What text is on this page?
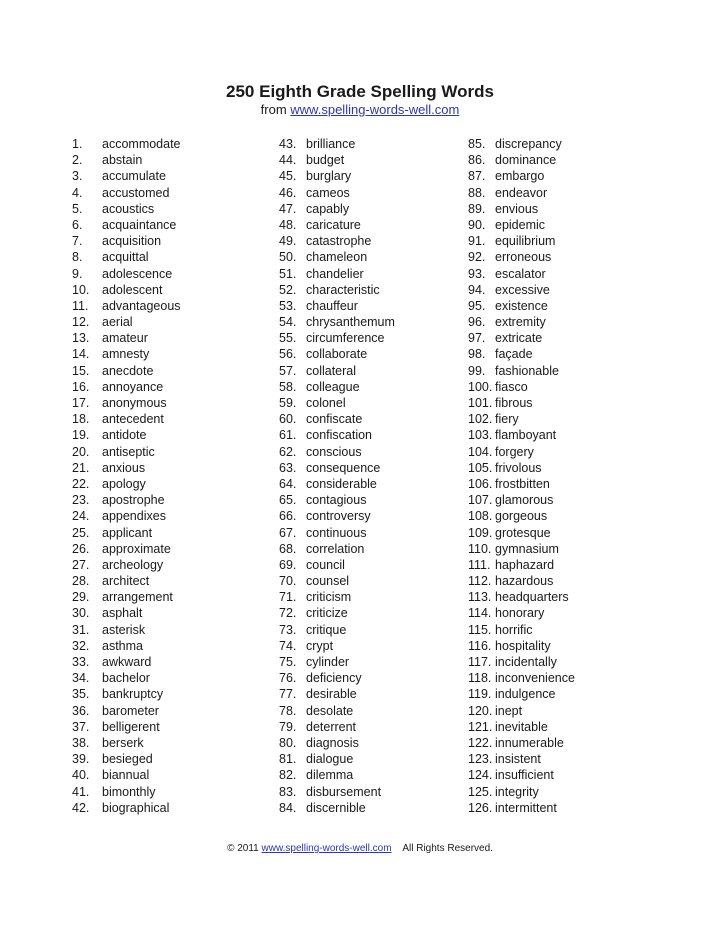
250 Eighth Grade Spelling Words
from www.spelling-words-well.com
1. accommodate
2. abstain
3. accumulate
4. accustomed
5. acoustics
6. acquaintance
7. acquisition
8. acquittal
9. adolescence
10. adolescent
11. advantageous
12. aerial
13. amateur
14. amnesty
15. anecdote
16. annoyance
17. anonymous
18. antecedent
19. antidote
20. antiseptic
21. anxious
22. apology
23. apostrophe
24. appendixes
25. applicant
26. approximate
27. archeology
28. architect
29. arrangement
30. asphalt
31. asterisk
32. asthma
33. awkward
34. bachelor
35. bankruptcy
36. barometer
37. belligerent
38. berserk
39. besieged
40. biannual
41. bimonthly
42. biographical
43. brilliance
44. budget
45. burglary
46. cameos
47. capably
48. caricature
49. catastrophe
50. chameleon
51. chandelier
52. characteristic
53. chauffeur
54. chrysanthemum
55. circumference
56. collaborate
57. collateral
58. colleague
59. colonel
60. confiscate
61. confiscation
62. conscious
63. consequence
64. considerable
65. contagious
66. controversy
67. continuous
68. correlation
69. council
70. counsel
71. criticism
72. criticize
73. critique
74. crypt
75. cylinder
76. deficiency
77. desirable
78. desolate
79. deterrent
80. diagnosis
81. dialogue
82. dilemma
83. disbursement
84. discernible
85. discrepancy
86. dominance
87. embargo
88. endeavor
89. envious
90. epidemic
91. equilibrium
92. erroneous
93. escalator
94. excessive
95. existence
96. extremity
97. extricate
98. façade
99. fashionable
100. fiasco
101. fibrous
102. fiery
103. flamboyant
104. forgery
105. frivolous
106. frostbitten
107. glamorous
108. gorgeous
109. grotesque
110. gymnasium
111. haphazard
112. hazardous
113. headquarters
114. honorary
115. horrific
116. hospitality
117. incidentally
118. inconvenience
119. indulgence
120. inept
121. inevitable
122. innumerable
123. insistent
124. insufficient
125. integrity
126. intermittent
© 2011 www.spelling-words-well.com All Rights Reserved.
